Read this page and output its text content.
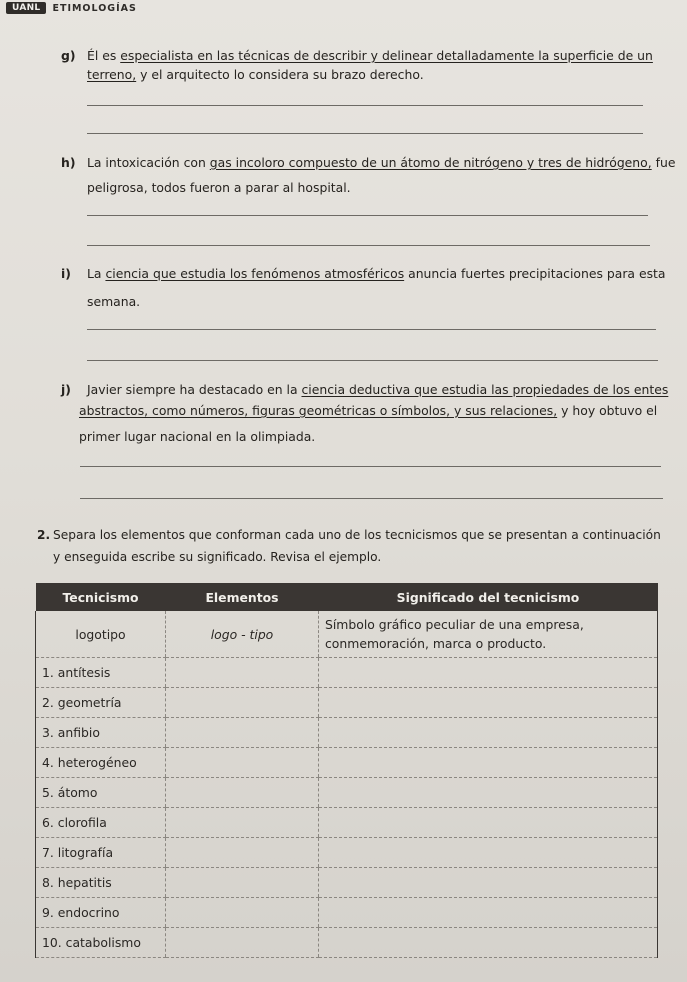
UANL	ETIMOLOGÍAS
g) Él es especialista en las técnicas de describir y delinear detalladamente la superficie de un
terreno, y el arquitecto lo considera su brazo derecho.
h) La intoxicación con gas incoloro compuesto de un átomo de nitrógeno y tres de hidrógeno, fue
peligrosa, todos fueron a parar al hospital.
i) La ciencia que estudia los fenómenos atmosféricos anuncia fuertes precipitaciones para esta
semana.
j) Javier siempre ha destacado en la ciencia deductiva que estudia las propiedades de los entes
abstractos, como números, figuras geométricas o símbolos, y sus relaciones, y hoy obtuvo el
primer lugar nacional en la olimpiada.
2. Separa los elementos que conforman cada uno de los tecnicismos que se presentan a continuación
y enseguida escribe su significado. Revisa el ejemplo.
Tecnicismo	Elementos	Significado del tecnicismo
logotipo	logo - tipo	Símbolo gráfico peculiar de una empresa,
conmemoración, marca o producto.

1. antítesis		
2. geometría		
3. anfibio		
4. heterogéneo		
5. átomo		
6. clorofila		
7. litografía		
8. hepatitis		
9. endocrino		
10. catabolismo		
